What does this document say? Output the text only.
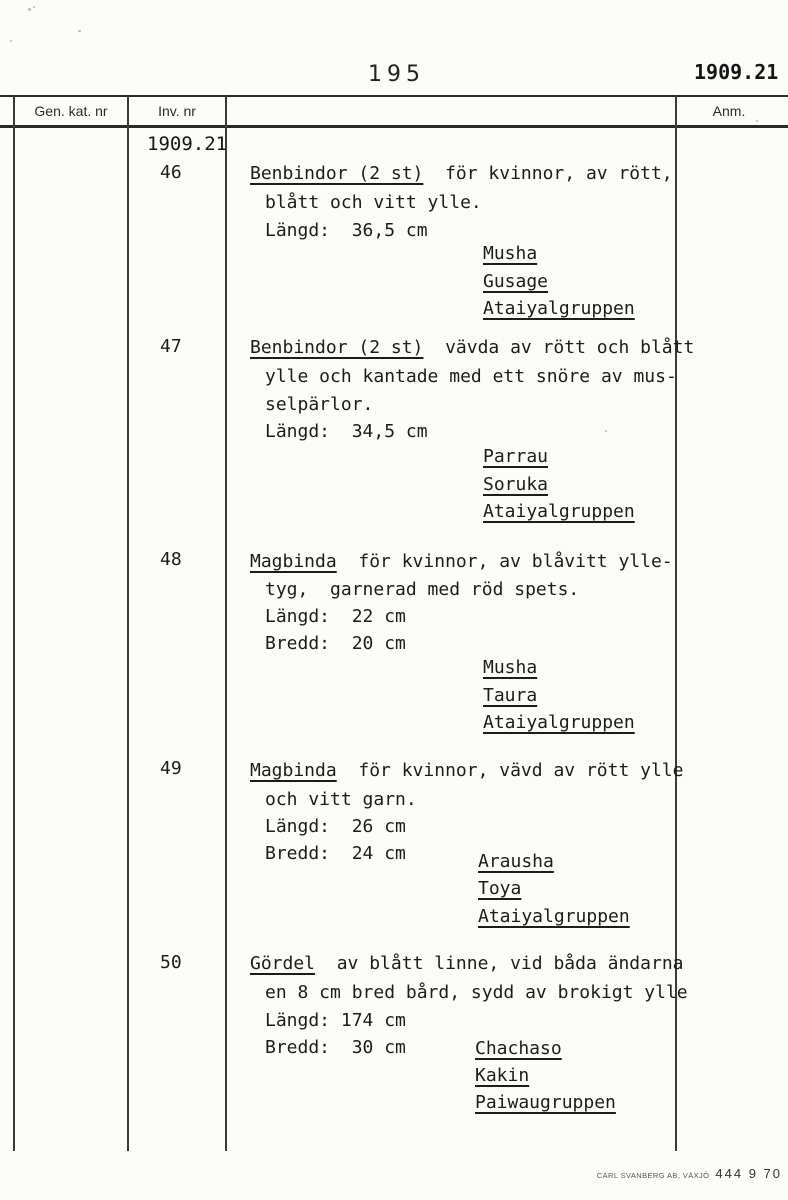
195	1909.21
Gen. kat. nr	Inv. nr	Anm.
1909.21
46	Benbindor (2 st)  för kvinnor, av rött,
blått och vitt ylle.
Längd:  36,5 cm
Musha
Gusage
Ataiyalgruppen
47	Benbindor (2 st)  vävda av rött och blått
ylle och kantade med ett snöre av mus-
selpärlor.
Längd:  34,5 cm
Parrau
Soruka
Ataiyalgruppen
48	Magbinda  för kvinnor, av blåvitt ylle-
tyg,  garnerad med röd spets.
Längd:  22 cm
Bredd:  20 cm
Musha
Taura
Ataiyalgruppen
49	Magbinda  för kvinnor, vävd av rött ylle
och vitt garn.
Längd:  26 cm
Bredd:  24 cm	Arausha
Toya
Ataiyalgruppen
50	Gördel  av blått linne, vid båda ändarna
en 8 cm bred bård, sydd av brokigt ylle
Längd: 174 cm
Bredd:  30 cm	Chachaso
Kakin
Paiwaugruppen
CARL SVANBERG AB, VÄXJÖ 444 9 70
